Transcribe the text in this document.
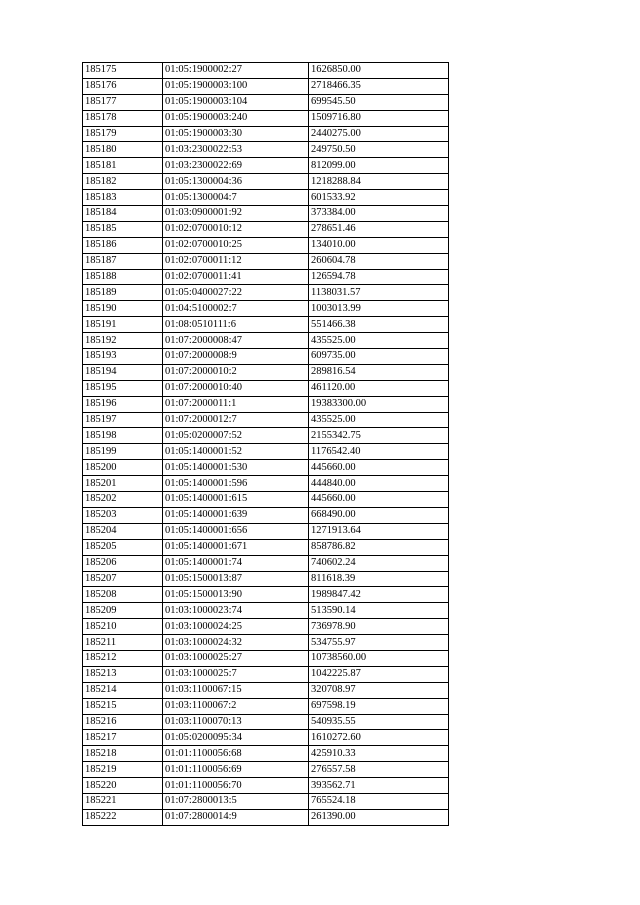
185175	01:05:1900002:27	1626850.00
185176	01:05:1900003:100	2718466.35
185177	01:05:1900003:104	699545.50
185178	01:05:1900003:240	1509716.80
185179	01:05:1900003:30	2440275.00
185180	01:03:2300022:53	249750.50
185181	01:03:2300022:69	812099.00
185182	01:05:1300004:36	1218288.84
185183	01:05:1300004:7	601533.92
185184	01:03:0900001:92	373384.00
185185	01:02:0700010:12	278651.46
185186	01:02:0700010:25	134010.00
185187	01:02:0700011:12	260604.78
185188	01:02:0700011:41	126594.78
185189	01:05:0400027:22	1138031.57
185190	01:04:5100002:7	1003013.99
185191	01:08:0510111:6	551466.38
185192	01:07:2000008:47	435525.00
185193	01:07:2000008:9	609735.00
185194	01:07:2000010:2	289816.54
185195	01:07:2000010:40	461120.00
185196	01:07:2000011:1	19383300.00
185197	01:07:2000012:7	435525.00
185198	01:05:0200007:52	2155342.75
185199	01:05:1400001:52	1176542.40
185200	01:05:1400001:530	445660.00
185201	01:05:1400001:596	444840.00
185202	01:05:1400001:615	445660.00
185203	01:05:1400001:639	668490.00
185204	01:05:1400001:656	1271913.64
185205	01:05:1400001:671	858786.82
185206	01:05:1400001:74	740602.24
185207	01:05:1500013:87	811618.39
185208	01:05:1500013:90	1989847.42
185209	01:03:1000023:74	513590.14
185210	01:03:1000024:25	736978.90
185211	01:03:1000024:32	534755.97
185212	01:03:1000025:27	10738560.00
185213	01:03:1000025:7	1042225.87
185214	01:03:1100067:15	320708.97
185215	01:03:1100067:2	697598.19
185216	01:03:1100070:13	540935.55
185217	01:05:0200095:34	1610272.60
185218	01:01:1100056:68	425910.33
185219	01:01:1100056:69	276557.58
185220	01:01:1100056:70	393562.71
185221	01:07:2800013:5	765524.18
185222	01:07:2800014:9	261390.00
